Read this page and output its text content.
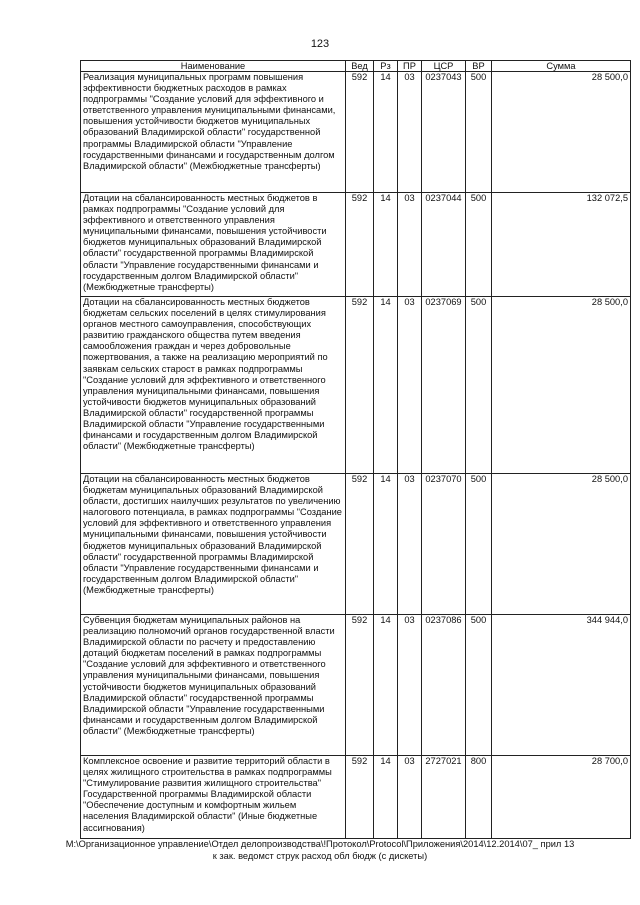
123
Наименование	Вед	Рз	ПР	ЦСР	ВР	Сумма
Реализация муниципальных программ повышения эффективности бюджетных расходов в рамках подпрограммы "Создание условий для эффективного и ответственного управления муниципальными финансами, повышения устойчивости бюджетов муниципальных образований Владимирской области" государственной программы Владимирской области "Управление государственными финансами и государственным долгом Владимирской области" (Межбюджетные трансферты)	592	14	03	0237043	500	28 500,0
Дотации на сбалансированность местных бюджетов в рамках подпрограммы "Создание условий для эффективного и ответственного управления муниципальными финансами, повышения устойчивости бюджетов муниципальных образований Владимирской области" государственной программы Владимирской области "Управление государственными финансами и государственным долгом Владимирской области" (Межбюджетные трансферты)	592	14	03	0237044	500	132 072,5
Дотации на сбалансированность местных бюджетов бюджетам сельских поселений в целях стимулирования органов местного самоуправления, способствующих развитию гражданского общества путем введения самообложения граждан и через добровольные пожертвования, а также на реализацию мероприятий по заявкам сельских старост в рамках подпрограммы "Создание условий для эффективного и ответственного управления муниципальными финансами, повышения устойчивости бюджетов муниципальных образований Владимирской области" государственной программы Владимирской области "Управление государственными финансами и государственным долгом Владимирской области" (Межбюджетные трансферты)	592	14	03	0237069	500	28 500,0
Дотации на сбалансированность местных бюджетов бюджетам муниципальных образований Владимирской области, достигших наилучших результатов по увеличению налогового потенциала, в рамках подпрограммы "Создание условий для эффективного и ответственного управления муниципальными финансами, повышения устойчивости бюджетов муниципальных образований Владимирской области" государственной программы Владимирской области "Управление государственными финансами и государственным долгом Владимирской области" (Межбюджетные трансферты)	592	14	03	0237070	500	28 500,0
Субвенция бюджетам муниципальных районов на реализацию полномочий органов государственной власти Владимирской области по расчету и предоставлению дотаций бюджетам поселений в рамках подпрограммы "Создание условий для эффективного и ответственного управления муниципальными финансами, повышения устойчивости бюджетов муниципальных образований Владимирской области" государственной программы Владимирской области "Управление государственными финансами и государственным долгом Владимирской области" (Межбюджетные трансферты)	592	14	03	0237086	500	344 944,0
Комплексное освоение и развитие территорий области в целях жилищного строительства в рамках подпрограммы "Стимулирование развития жилищного строительства" Государственной программы Владимирской области "Обеспечение доступным и комфортным жильем населения Владимирской области" (Иные бюджетные ассигнования)	592	14	03	2727021	800	28 700,0
M:\Организационное управление\Отдел делопроизводства\!Протокол\Protocol\Приложения\2014\12.2014\07_ прил 13
к зак. ведомст струк расход обл бюдж (с дискеты)
